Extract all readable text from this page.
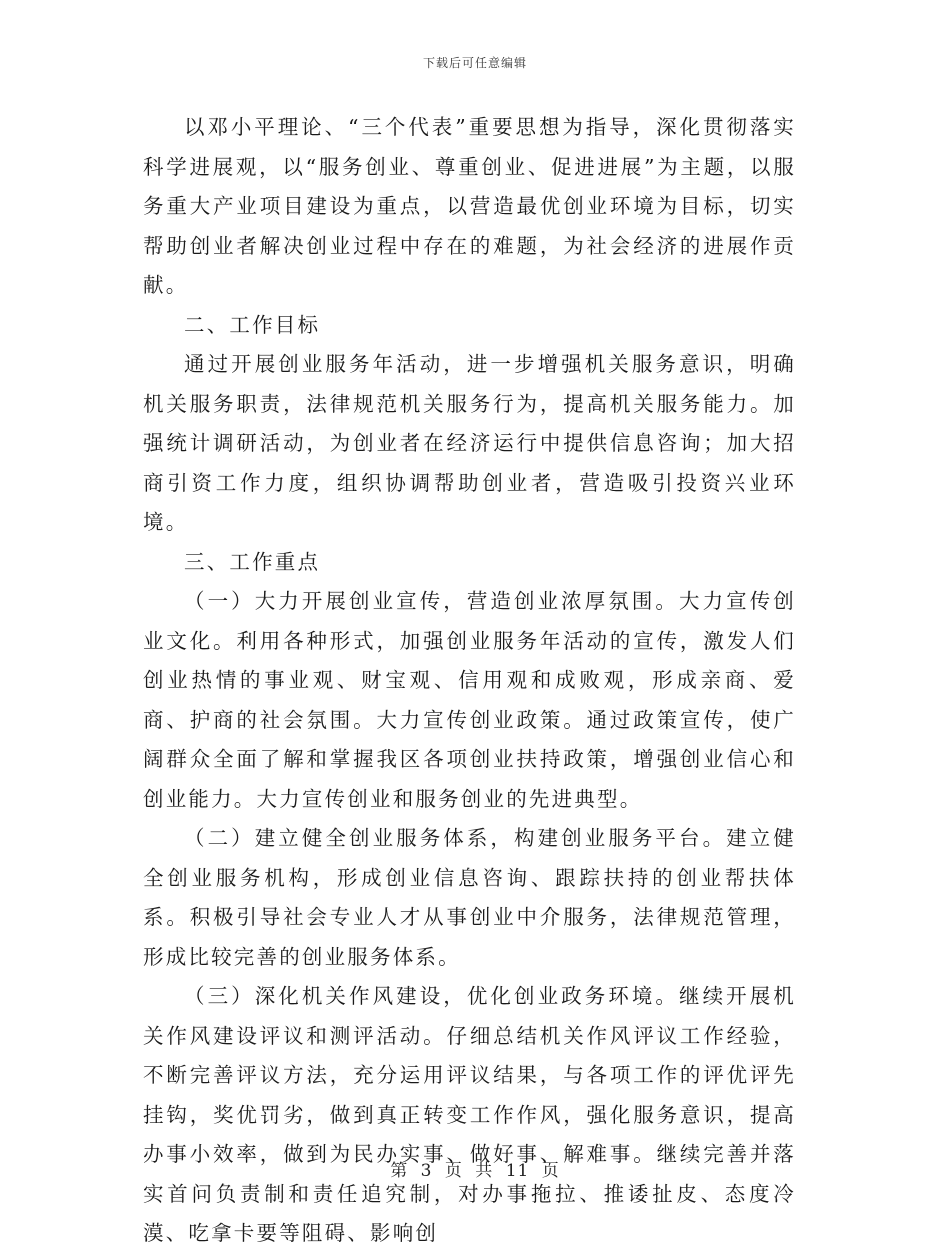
下载后可任意编辑

以邓小平理论、“三个代表”重要思想为指导，深化贯彻落实科学进展观，以“服务创业、尊重创业、促进进展”为主题，以服务重大产业项目建设为重点，以营造最优创业环境为目标，切实帮助创业者解决创业过程中存在的难题，为社会经济的进展作贡献。

二、工作目标

通过开展创业服务年活动，进一步增强机关服务意识，明确机关服务职责，法律规范机关服务行为，提高机关服务能力。加强统计调研活动，为创业者在经济运行中提供信息咨询；加大招商引资工作力度，组织协调帮助创业者，营造吸引投资兴业环境。

三、工作重点

（一）大力开展创业宣传，营造创业浓厚氛围。大力宣传创业文化。利用各种形式，加强创业服务年活动的宣传，激发人们创业热情的事业观、财宝观、信用观和成败观，形成亲商、爱商、护商的社会氛围。大力宣传创业政策。通过政策宣传，使广阔群众全面了解和掌握我区各项创业扶持政策，增强创业信心和创业能力。大力宣传创业和服务创业的先进典型。

（二）建立健全创业服务体系，构建创业服务平台。建立健全创业服务机构，形成创业信息咨询、跟踪扶持的创业帮扶体系。积极引导社会专业人才从事创业中介服务，法律规范管理，形成比较完善的创业服务体系。

（三）深化机关作风建设，优化创业政务环境。继续开展机关作风建设评议和测评活动。仔细总结机关作风评议工作经验，不断完善评议方法，充分运用评议结果，与各项工作的评优评先挂钩，奖优罚劣，做到真正转变工作作风，强化服务意识，提高办事小效率，做到为民办实事、做好事、解难事。继续完善并落实首问负责制和责任追究制，对办事拖拉、推诿扯皮、态度冷漠、吃拿卡要等阻碍、影响创

第 3 页 共 11 页
